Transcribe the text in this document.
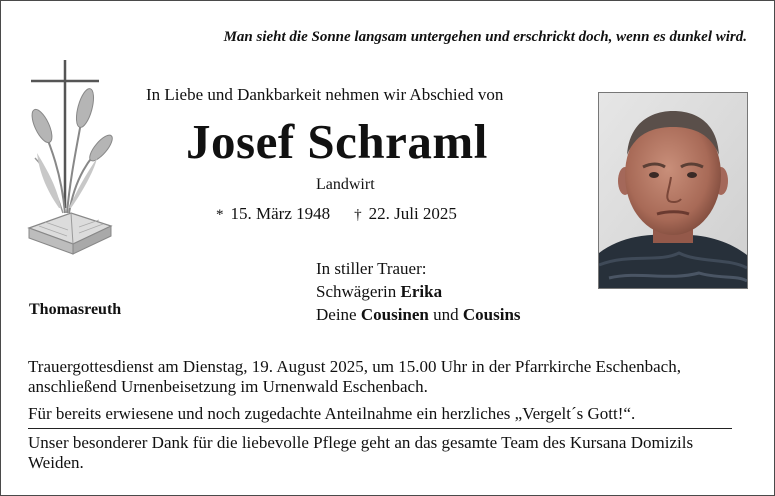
Man sieht die Sonne langsam untergehen und erschrickt doch, wenn es dunkel wird.
In Liebe und Dankbarkeit nehmen wir Abschied von
Josef Schraml
Landwirt
* 15. März 1948 † 22. Juli 2025
Thomasreuth
In stiller Trauer:
Schwägerin Erika
Deine Cousinen und Cousins
Trauergottesdienst am Dienstag, 19. August 2025, um 15.00 Uhr in der Pfarrkirche Eschenbach, anschließend Urnenbeisetzung im Urnenwald Eschenbach.
Für bereits erwiesene und noch zugedachte Anteilnahme ein herzliches „Vergelt´s Gott!“.
Unser besonderer Dank für die liebevolle Pflege geht an das gesamte Team des Kursana Domizils Weiden.
